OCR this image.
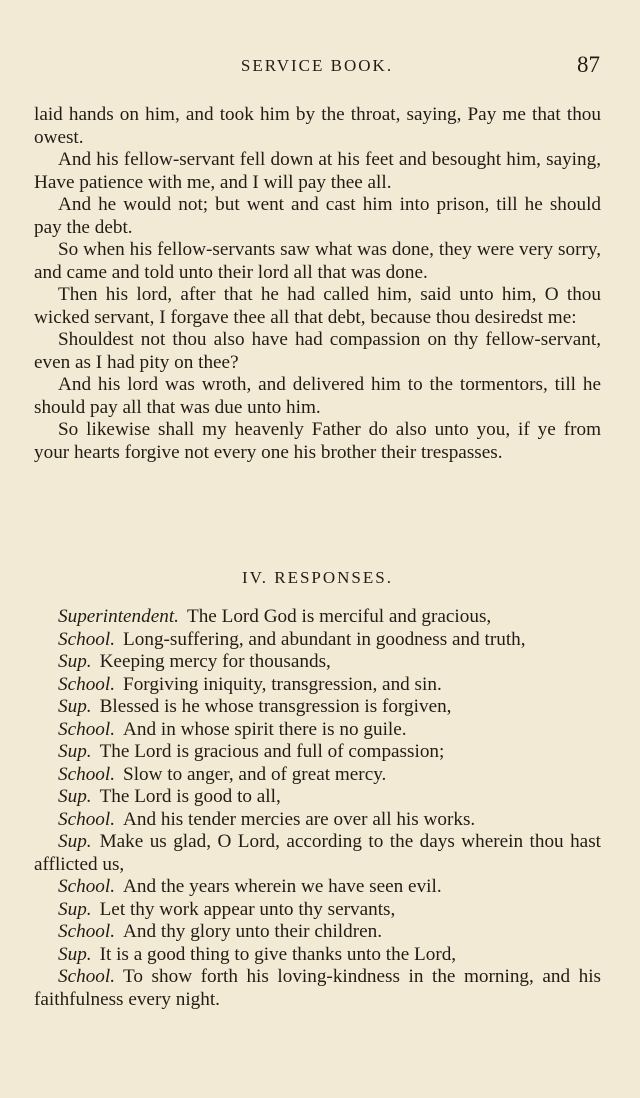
SERVICE BOOK.	87

laid hands on him, and took him by the throat, saying, Pay me that thou owest.

And his fellow-servant fell down at his feet and besought him, saying, Have patience with me, and I will pay thee all.

And he would not; but went and cast him into prison, till he should pay the debt.

So when his fellow-servants saw what was done, they were very sorry, and came and told unto their lord all that was done.

Then his lord, after that he had called him, said unto him, O thou wicked servant, I forgave thee all that debt, because thou desiredst me:

Shouldest not thou also have had compassion on thy fellow-servant, even as I had pity on thee?

And his lord was wroth, and delivered him to the tormentors, till he should pay all that was due unto him.

So likewise shall my heavenly Father do also unto you, if ye from your hearts forgive not every one his brother their trespasses.

IV. RESPONSES.

Superintendent. The Lord God is merciful and gracious,

School. Long-suffering, and abundant in goodness and truth,

Sup. Keeping mercy for thousands,

School. Forgiving iniquity, transgression, and sin.

Sup. Blessed is he whose transgression is forgiven,

School. And in whose spirit there is no guile.

Sup. The Lord is gracious and full of compassion;

School. Slow to anger, and of great mercy.

Sup. The Lord is good to all,

School. And his tender mercies are over all his works.

Sup. Make us glad, O Lord, according to the days wherein thou hast afflicted us,

School. And the years wherein we have seen evil.

Sup. Let thy work appear unto thy servants,

School. And thy glory unto their children.

Sup. It is a good thing to give thanks unto the Lord,

School. To show forth his loving-kindness in the morning, and his faithfulness every night.
